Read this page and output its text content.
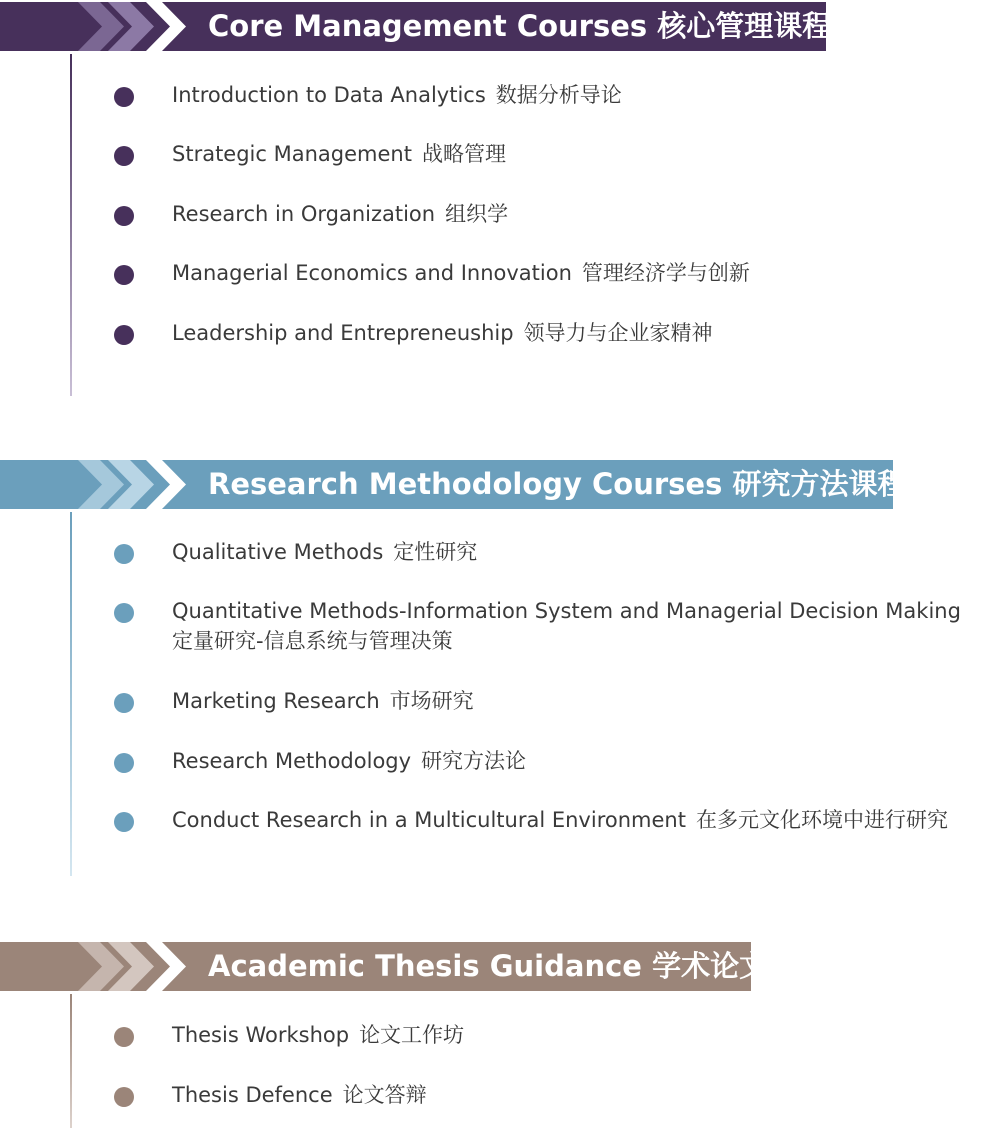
Core Management Courses 核心管理课程
Introduction to Data Analytics 数据分析导论
Strategic Management 战略管理
Research in Organization 组织学
Managerial Economics and Innovation 管理经济学与创新
Leadership and Entrepreneuship 领导力与企业家精神
Research Methodology Courses 研究方法课程
Qualitative Methods 定性研究
Quantitative Methods-Information System and Managerial Decision Making
定量研究-信息系统与管理决策
Marketing Research 市场研究
Research Methodology 研究方法论
Conduct Research in a Multicultural Environment 在多元文化环境中进行研究
Academic Thesis Guidance 学术论文
Thesis Workshop 论文工作坊
Thesis Defence 论文答辩
